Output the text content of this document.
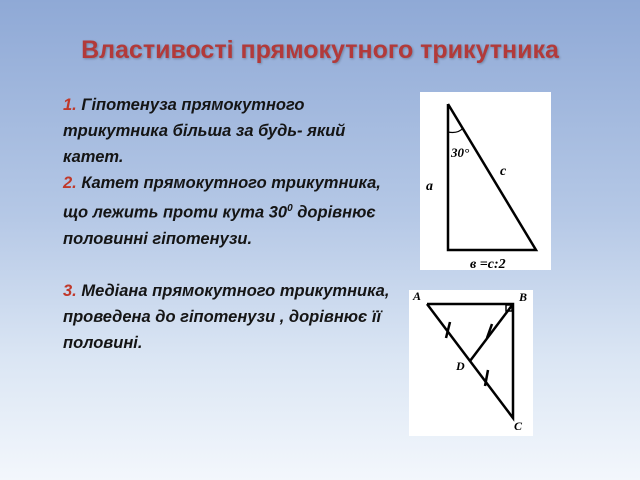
Властивості прямокутного трикутника

1. Гіпотенуза прямокутного трикутника більша за будь- який катет.

2. Катет прямокутного трикутника, що лежить проти кута $30^0$ дорівнює половинні гіпотенузи.

3. Медіана прямокутного трикутника, проведена до гіпотенузи , дорівнює її половині.

30°
a
c
в =с:2
A	B
D
C
